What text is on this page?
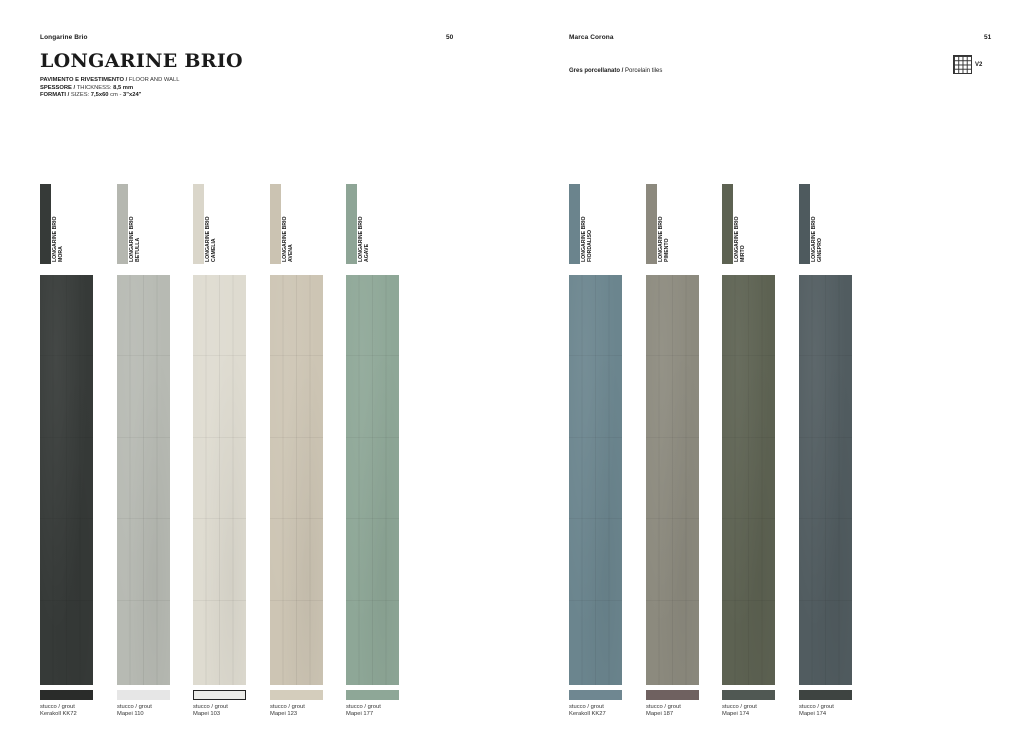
Longarine Brio	50
LONGARINE BRIO
PAVIMENTO E RIVESTIMENTO / FLOOR AND WALL
SPESSORE / THICKNESS: 8,5 mm
FORMATI / SIZES: 7,5x60 cm - 3"x24"
Marca Corona	51
Gres porcellanato / Porcelain tiles
V2
LONGARINE BRIO MORA
stucco / grout
Kerakoll KK72
LONGARINE BRIO BETULLA
stucco / grout
Mapei 110
LONGARINE BRIO CAMELIA
stucco / grout
Mapei 103
LONGARINE BRIO AVENA
stucco / grout
Mapei 123
LONGARINE BRIO AGAVE
stucco / grout
Mapei 177
LONGARINE BRIO FIORDALISO
stucco / grout
Kerakoll KK27
LONGARINE BRIO PIMENTO
stucco / grout
Mapei 187
LONGARINE BRIO MIRTO
stucco / grout
Mapei 174
LONGARINE BRIO GINEPRO
stucco / grout
Mapei 174
